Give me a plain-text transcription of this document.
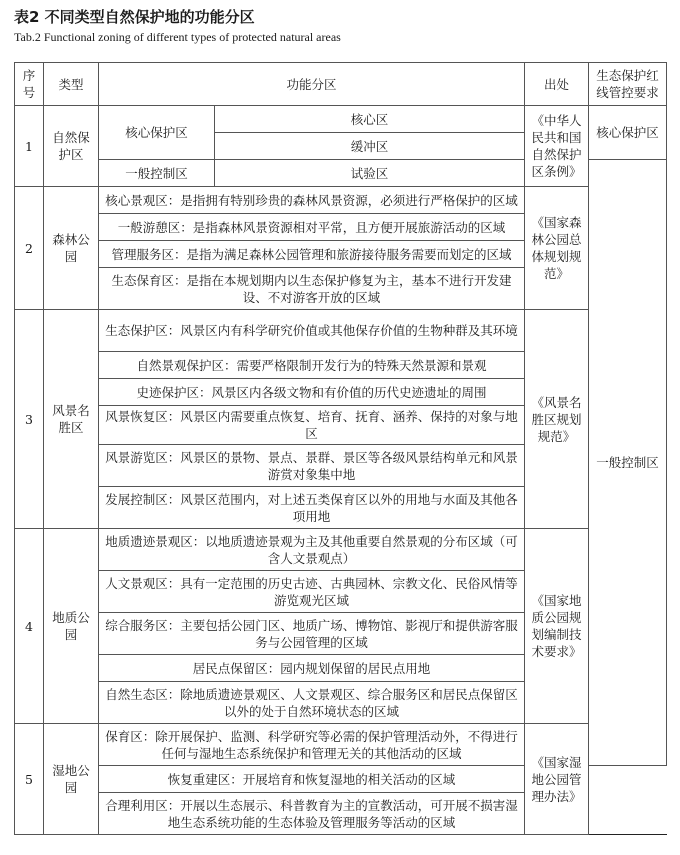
表2 不同类型自然保护地的功能分区
Tab.2 Functional zoning of different types of protected natural areas
序号	类型	功能分区		出处	生态保护红线管控要求
1	自然保护区	核心保护区	核心区	《中华人民共和国自然保护区条例》	核心保护区
			缓冲区		
		一般控制区	试验区		一般控制区
2	森林公园	核心景观区：是指拥有特别珍贵的森林风景资源，必须进行严格保护的区域		《国家森林公园总体规划规范》	
		一般游憩区：是指森林风景资源相对平常，且方便开展旅游活动的区域			
		管理服务区：是指为满足森林公园管理和旅游接待服务需要而划定的区域			
		生态保育区：是指在本规划期内以生态保护修复为主，基本不进行开发建设、不对游客开放的区域			
3	风景名胜区	生态保护区：风景区内有科学研究价值或其他保存价值的生物种群及其环境		《风景名胜区规划规范》	
		自然景观保护区：需要严格限制开发行为的特殊天然景源和景观			
		史迹保护区：风景区内各级文物和有价值的历代史迹遗址的周围			
		风景恢复区：风景区内需要重点恢复、培育、抚育、涵养、保持的对象与地区			
		风景游览区：风景区的景物、景点、景群、景区等各级风景结构单元和风景游赏对象集中地			
		发展控制区：风景区范围内，对上述五类保育区以外的用地与水面及其他各项用地			
4	地质公园	地质遗迹景观区：以地质遗迹景观为主及其他重要自然景观的分布区域（可含人文景观点）		《国家地质公园规划编制技术要求》	
		人文景观区：具有一定范围的历史古迹、古典园林、宗教文化、民俗风情等游览观光区域			
		综合服务区：主要包括公园门区、地质广场、博物馆、影视厅和提供游客服务与公园管理的区域			
		居民点保留区：园内规划保留的居民点用地			
		自然生态区：除地质遗迹景观区、人文景观区、综合服务区和居民点保留区以外的处于自然环境状态的区域			
5	湿地公园	保育区：除开展保护、监测、科学研究等必需的保护管理活动外，不得进行任何与湿地生态系统保护和管理无关的其他活动的区域		《国家湿地公园管理办法》	
		恢复重建区：开展培育和恢复湿地的相关活动的区域			
		合理利用区：开展以生态展示、科普教育为主的宣教活动，可开展不损害湿地生态系统功能的生态体验及管理服务等活动的区域			
